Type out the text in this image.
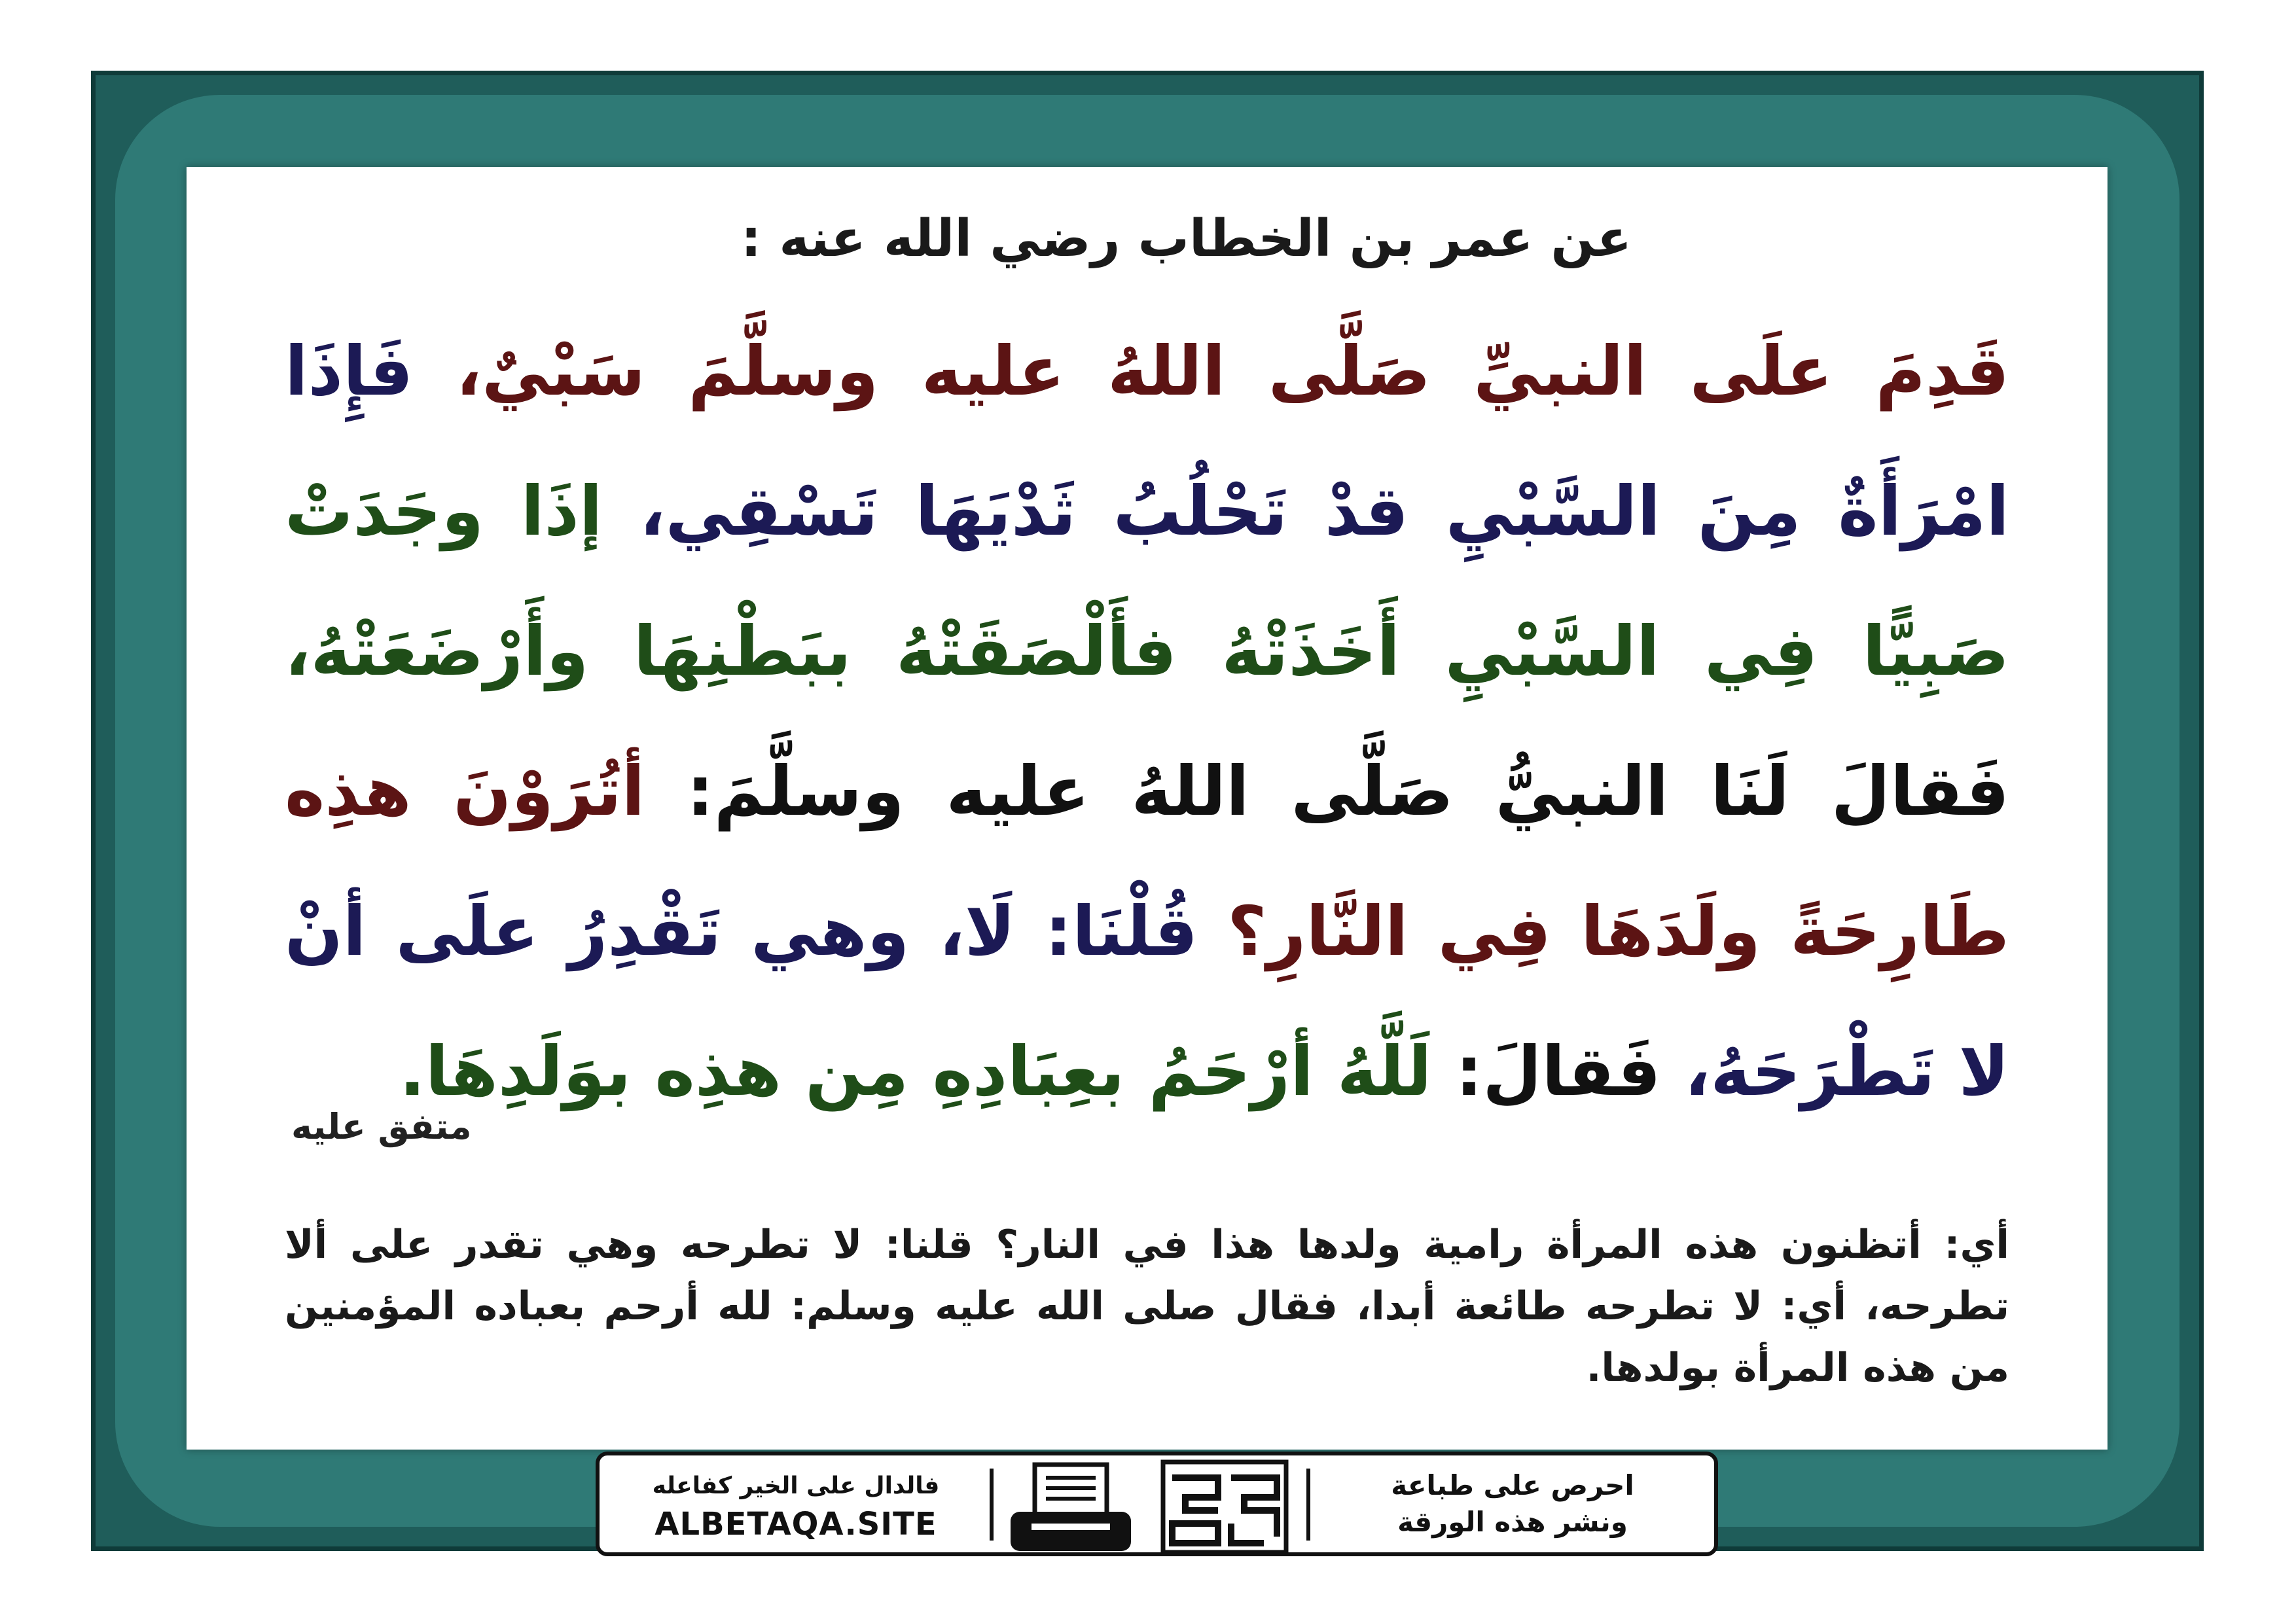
عن عمر بن الخطاب رضي الله عنه :
قَدِمَ علَى النبيِّ صَلَّى اللهُ عليه وسلَّمَ سَبْيٌ، فَإِذَا امْرَأَةٌ مِنَ السَّبْيِ قدْ تَحْلُبُ ثَدْيَهَا تَسْقِي، إذَا وجَدَتْ صَبِيًّا فِي السَّبْيِ أَخَذَتْهُ فأَلْصَقَتْهُ ببَطْنِهَا وأَرْضَعَتْهُ، فَقالَ لَنَا النبيُّ صَلَّى اللهُ عليه وسلَّمَ: أتُرَوْنَ هذِه طَارِحَةً ولَدَهَا فِي النَّارِ؟ قُلْنَا: لَا، وهي تَقْدِرُ علَى أنْ لا تَطْرَحَهُ، فَقالَ: لَلَّهُ أرْحَمُ بعِبَادِهِ مِن هذِه بوَلَدِهَا.
متفق عليه
أي: أتظنون هذه المرأة رامية ولدها هذا في النار؟ قلنا: لا تطرحه وهي تقدر على ألا تطرحه، أي: لا تطرحه طائعة أبدا، فقال صلى الله عليه وسلم: لله أرحم بعباده المؤمنين من هذه المرأة بولدها.
فالدال على الخير كفاعله
ALBETAQA.SITE
احرص على طباعة
ونشر هذه الورقة
